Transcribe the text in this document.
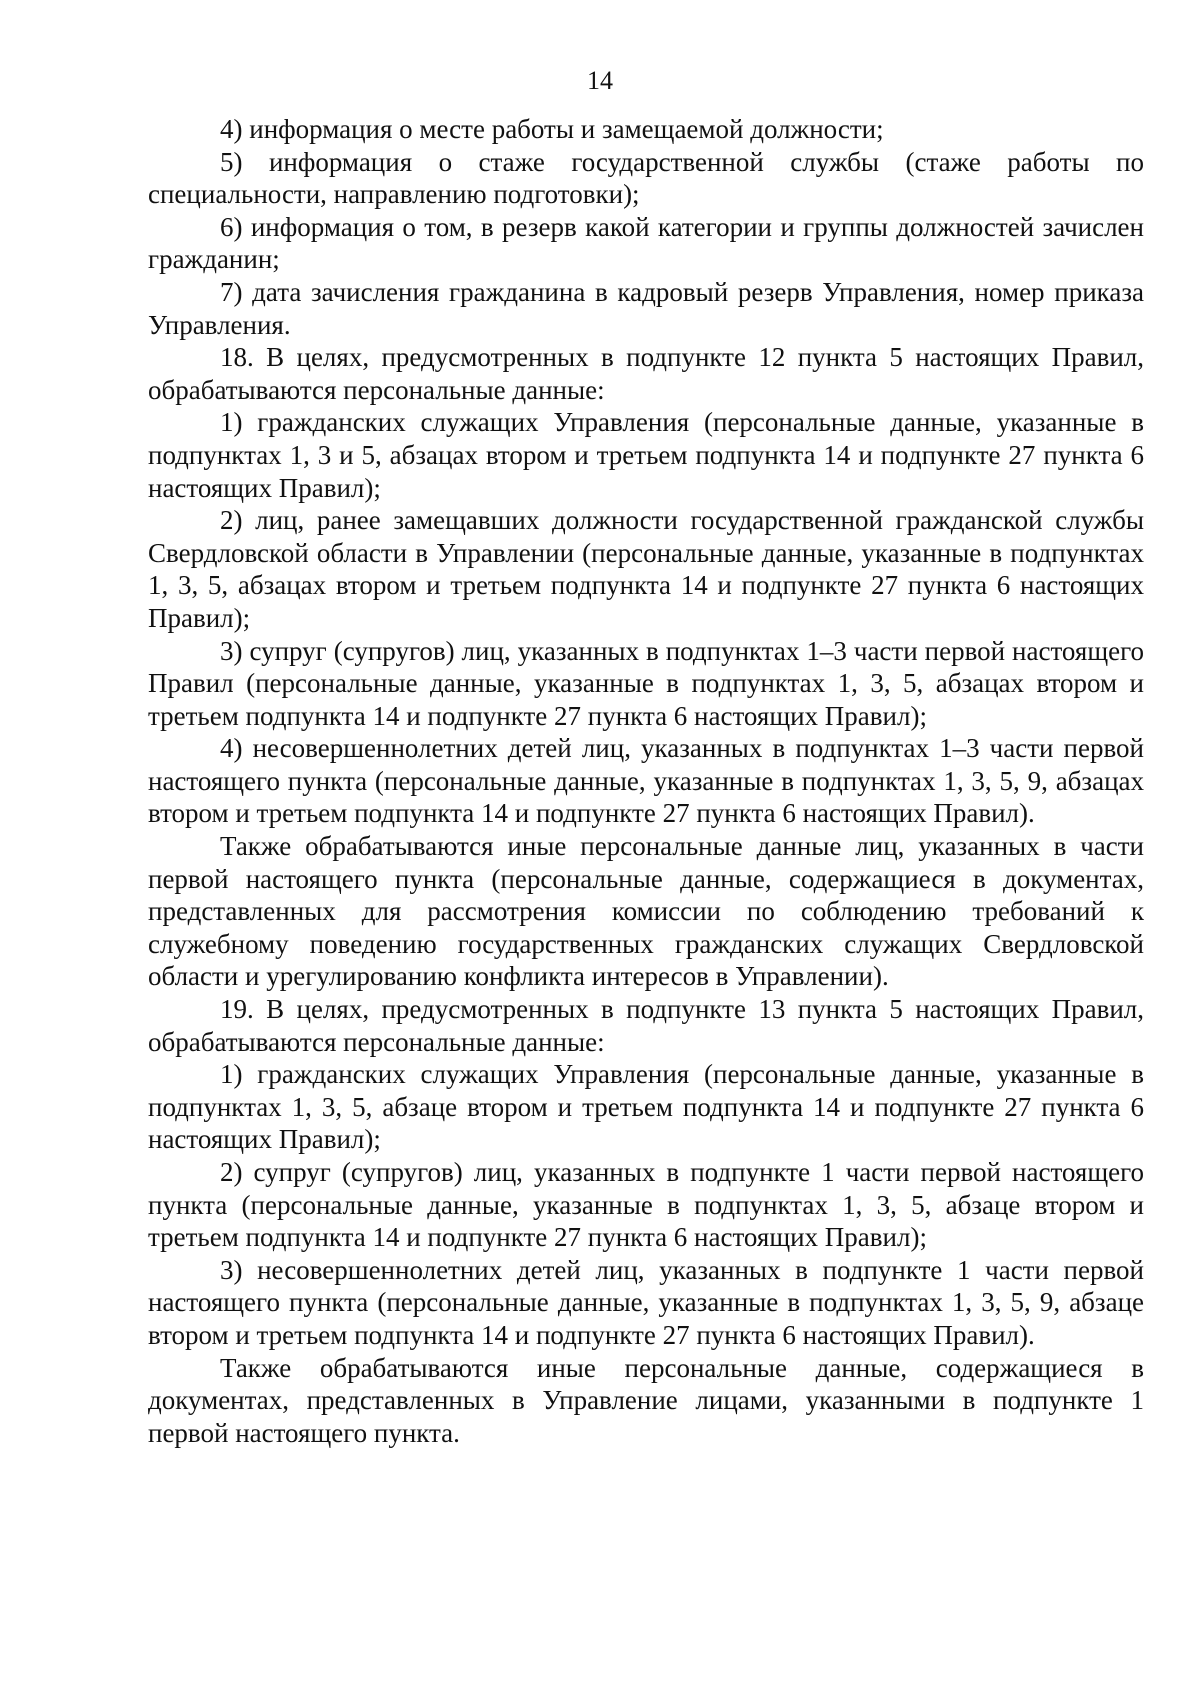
14

4) информация о месте работы и замещаемой должности;

5) информация о стаже государственной службы (стаже работы по специальности, направлению подготовки);

6) информация о том, в резерв какой категории и группы должностей зачислен гражданин;

7) дата зачисления гражданина в кадровый резерв Управления, номер приказа Управления.

18. В целях, предусмотренных в подпункте 12 пункта 5 настоящих Правил, обрабатываются персональные данные:

1) гражданских служащих Управления (персональные данные, указанные в подпунктах 1, 3 и 5, абзацах втором и третьем подпункта 14 и подпункте 27 пункта 6 настоящих Правил);

2) лиц, ранее замещавших должности государственной гражданской службы Свердловской области в Управлении (персональные данные, указанные в подпунктах 1, 3, 5, абзацах втором и третьем подпункта 14 и подпункте 27 пункта 6 настоящих Правил);

3) супруг (супругов) лиц, указанных в подпунктах 1–3 части первой настоящего Правил (персональные данные, указанные в подпунктах 1, 3, 5, абзацах втором и третьем подпункта 14 и подпункте 27 пункта 6 настоящих Правил);

4) несовершеннолетних детей лиц, указанных в подпунктах 1–3 части первой настоящего пункта (персональные данные, указанные в подпунктах 1, 3, 5, 9, абзацах втором и третьем подпункта 14 и подпункте 27 пункта 6 настоящих Правил).

Также обрабатываются иные персональные данные лиц, указанных в части первой настоящего пункта (персональные данные, содержащиеся в документах, представленных для рассмотрения комиссии по соблюдению требований к служебному поведению государственных гражданских служащих Свердловской области и урегулированию конфликта интересов в Управлении).

19. В целях, предусмотренных в подпункте 13 пункта 5 настоящих Правил, обрабатываются персональные данные:

1) гражданских служащих Управления (персональные данные, указанные в подпунктах 1, 3, 5, абзаце втором и третьем подпункта 14 и подпункте 27 пункта 6 настоящих Правил);

2) супруг (супругов) лиц, указанных в подпункте 1 части первой настоящего пункта (персональные данные, указанные в подпунктах 1, 3, 5, абзаце втором и третьем подпункта 14 и подпункте 27 пункта 6 настоящих Правил);

3) несовершеннолетних детей лиц, указанных в подпункте 1 части первой настоящего пункта (персональные данные, указанные в подпунктах 1, 3, 5, 9, абзаце втором и третьем подпункта 14 и подпункте 27 пункта 6 настоящих Правил).

Также обрабатываются иные персональные данные, содержащиеся в документах, представленных в Управление лицами, указанными в подпункте 1 первой настоящего пункта.
